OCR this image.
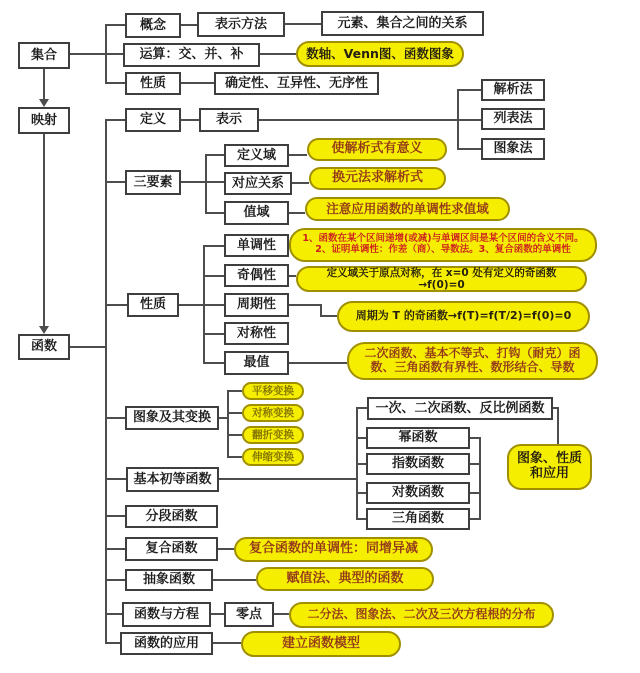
集合
映射
函数
概念	表示方法	元素、集合之间的关系
运算：交、并、补	数轴、Venn图、函数图象
性质	确定性、互异性、无序性
定义	表示
解析法
列表法
图象法
三要素
定义域
对应关系
值域
使解析式有意义
换元法求解析式
注意应用函数的单调性求值域
性质
单调性
奇偶性
周期性
对称性
最值
1、函数在某个区间递增(或减)与单调区间是某个区间的含义不同。
2、证明单调性：作差（商）、导数法。3、复合函数的单调性
定义域关于原点对称，在 x=0 处有定义的奇函数→f(0)=0
周期为 T 的奇函数→f(T)=f(T/2)=f(0)=0
二次函数、基本不等式、打钩（耐克）函数、三角函数有界性、数形结合、导数
图象及其变换
平移变换
对称变换
翻折变换
伸缩变换
基本初等函数
一次、二次函数、反比例函数
幂函数
指数函数
对数函数
三角函数
图象、性质和应用
分段函数
复合函数	复合函数的单调性：同增异减
抽象函数	赋值法、典型的函数
函数与方程	零点	二分法、图象法、二次及三次方程根的分布
函数的应用	建立函数模型
